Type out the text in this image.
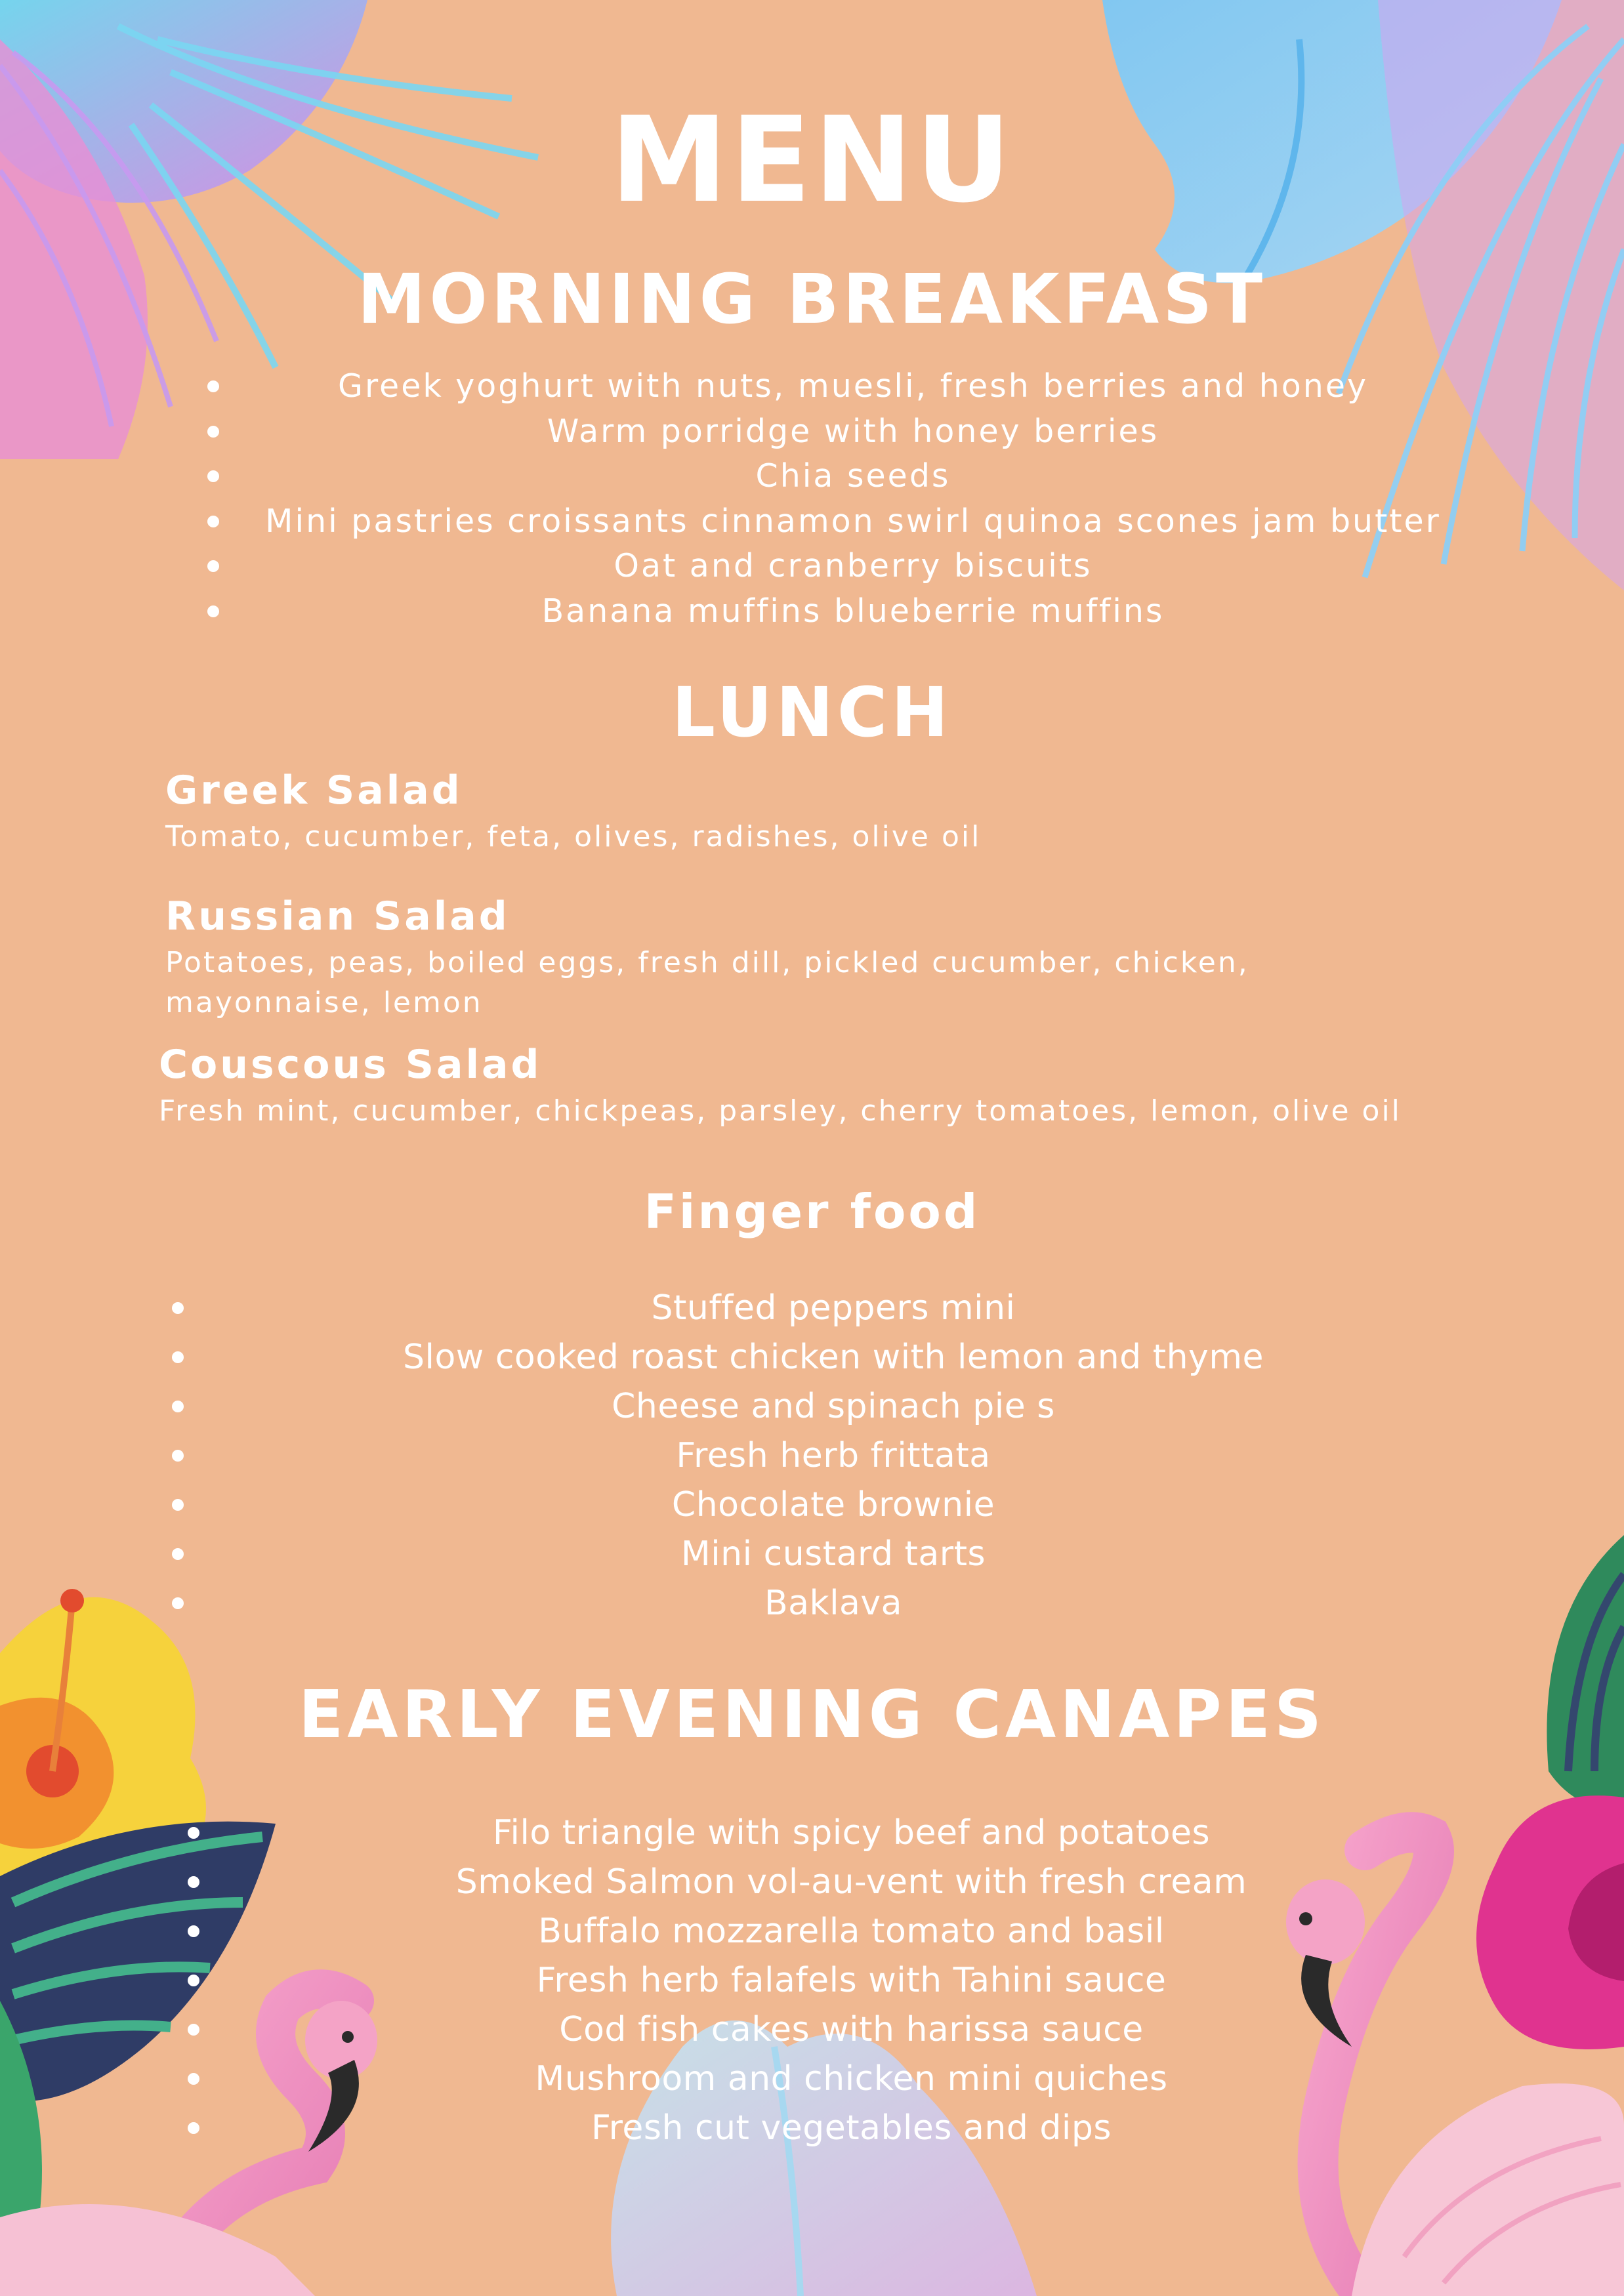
MENU
MORNING BREAKFAST
Greek yoghurt with nuts, muesli, fresh berries and honey
Warm porridge with honey berries
Chia seeds
Mini pastries croissants cinnamon swirl quinoa scones jam butter
Oat and cranberry biscuits
Banana muffins blueberrie muffins
LUNCH
Greek Salad
Tomato, cucumber, feta, olives, radishes, olive oil
Russian Salad
Potatoes, peas, boiled eggs, fresh dill, pickled cucumber, chicken, mayonnaise, lemon
Couscous Salad
Fresh mint, cucumber, chickpeas, parsley, cherry tomatoes, lemon, olive oil
Finger food
Stuffed peppers mini
Slow cooked roast chicken with lemon and thyme
Cheese and spinach pie s
Fresh herb frittata
Chocolate brownie
Mini custard tarts
Baklava
EARLY EVENING CANAPES
Filo triangle with spicy beef and potatoes
Smoked Salmon vol-au-vent with fresh cream
Buffalo mozzarella tomato and basil
Fresh herb falafels with Tahini sauce
Cod fish cakes with harissa sauce
Mushroom and chicken mini quiches
Fresh cut vegetables and dips
